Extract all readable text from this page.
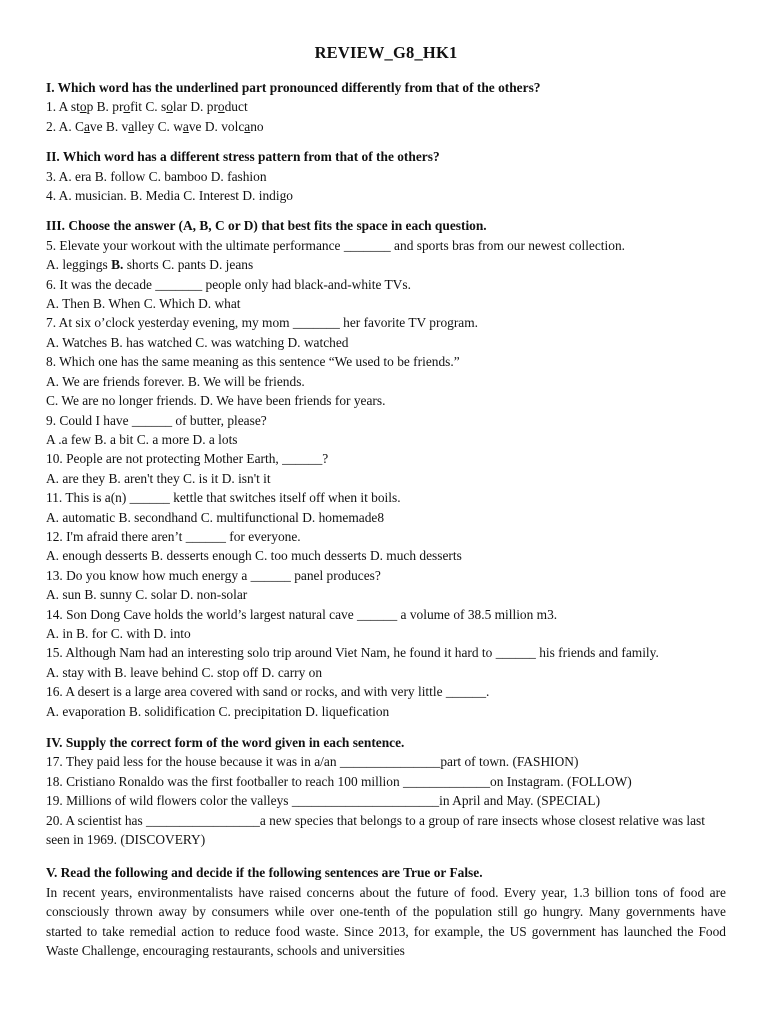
REVIEW_G8_HK1

I. Which word has the underlined part pronounced differently from that of the others?

1. A stop B. profit C. solar D. product

2. A. Cave B. valley C. wave D. volcano

II. Which word has a different stress pattern from that of the others?

3. A. era B. follow C. bamboo D. fashion

4. A. musician. B. Media C. Interest D. indigo

III. Choose the answer (A, B, C or D) that best fits the space in each question.

5. Elevate your workout with the ultimate performance _______ and sports bras from our newest collection.

A. leggings B. shorts C. pants D. jeans

6. It was the decade _______ people only had black-and-white TVs.

A. Then B. When C. Which D. what

7. At six o’clock yesterday evening, my mom _______ her favorite TV program.

A. Watches B. has watched C. was watching D. watched

8. Which one has the same meaning as this sentence “We used to be friends.”

A. We are friends forever. B. We will be friends.

C. We are no longer friends. D. We have been friends for years.

9. Could I have ______ of butter, please?

A .a few B. a bit C. a more D. a lots

10. People are not protecting Mother Earth, ______?

A. are they B. aren't they C. is it D. isn't it

11. This is a(n) ______ kettle that switches itself off when it boils.

A. automatic B. secondhand C. multifunctional D. homemade8

12. I'm afraid there aren’t ______ for everyone.

A. enough desserts B. desserts enough C. too much desserts D. much desserts

13. Do you know how much energy a ______ panel produces?

A. sun B. sunny C. solar D. non-solar

14. Son Dong Cave holds the world’s largest natural cave ______ a volume of 38.5 million m3.

A. in B. for C. with D. into

15. Although Nam had an interesting solo trip around Viet Nam, he found it hard to ______ his friends and family.

A. stay with B. leave behind C. stop off D. carry on

16. A desert is a large area covered with sand or rocks, and with very little ______.

A. evaporation B. solidification C. precipitation D. liquefication

IV. Supply the correct form of the word given in each sentence.

17. They paid less for the house because it was in a/an _______________part of town. (FASHION)

18. Cristiano Ronaldo was the first footballer to reach 100 million _____________on Instagram. (FOLLOW)

19. Millions of wild flowers color the valleys ______________________in April and May. (SPECIAL)

20. A scientist has _________________a new species that belongs to a group of rare insects whose closest relative was last seen in 1969. (DISCOVERY)

V. Read the following and decide if the following sentences are True or False.

In recent years, environmentalists have raised concerns about the future of food. Every year, 1.3 billion tons of food are consciously thrown away by consumers while over one-tenth of the population still go hungry. Many governments have started to take remedial action to reduce food waste. Since 2013, for example, the US government has launched the Food Waste Challenge, encouraging restaurants, schools and universities
